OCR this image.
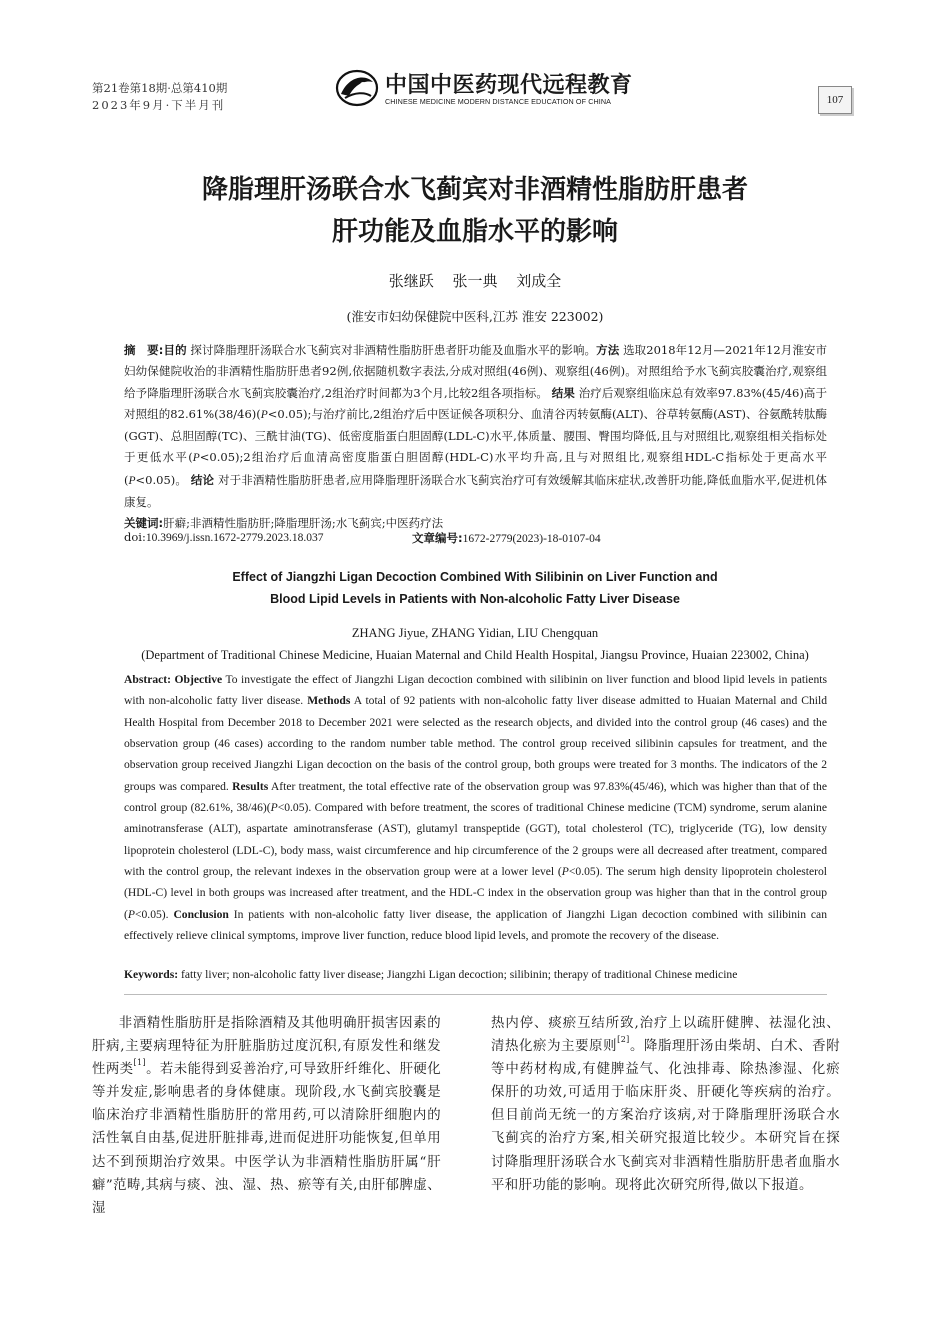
第21卷第18期·总第410期
2023年9月·下半月刊
中国中医药现代远程教育
CHINESE MEDICINE MODERN DISTANCE EDUCATION OF CHINA	107
降脂理肝汤联合水飞蓟宾对非酒精性脂肪肝患者
肝功能及血脂水平的影响
张继跃 张一典 刘成全
(淮安市妇幼保健院中医科,江苏 淮安 223002)
摘　要:目的 探讨降脂理肝汤联合水飞蓟宾对非酒精性脂肪肝患者肝功能及血脂水平的影响。方法 选取2018年12月—2021年12月淮安市妇幼保健院收治的非酒精性脂肪肝患者92例,依据随机数字表法,分成对照组(46例)、观察组(46例)。对照组给予水飞蓟宾胶囊治疗,观察组给予降脂理肝汤联合水飞蓟宾胶囊治疗,2组治疗时间都为3个月,比较2组各项指标。 结果 治疗后观察组临床总有效率97.83%(45/46)高于对照组的82.61%(38/46)(P<0.05);与治疗前比,2组治疗后中医证候各项积分、血清谷丙转氨酶(ALT)、谷草转氨酶(AST)、谷氨酰转肽酶(GGT)、总胆固醇(TC)、三酰甘油(TG)、低密度脂蛋白胆固醇(LDL-C)水平,体质量、腰围、臀围均降低,且与对照组比,观察组相关指标处于更低水平(P<0.05);2组治疗后血清高密度脂蛋白胆固醇(HDL-C)水平均升高,且与对照组比,观察组HDL-C指标处于更高水平(P<0.05)。 结论 对于非酒精性脂肪肝患者,应用降脂理肝汤联合水飞蓟宾治疗可有效缓解其临床症状,改善肝功能,降低血脂水平,促进机体康复。
关键词:肝癖;非酒精性脂肪肝;降脂理肝汤;水飞蓟宾;中医药疗法
doi:10.3969/j.issn.1672-2779.2023.18.037	文章编号:1672-2779(2023)-18-0107-04
Effect of Jiangzhi Ligan Decoction Combined With Silibinin on Liver Function and
Blood Lipid Levels in Patients with Non-alcoholic Fatty Liver Disease
ZHANG Jiyue, ZHANG Yidian, LIU Chengquan
(Department of Traditional Chinese Medicine, Huaian Maternal and Child Health Hospital, Jiangsu Province, Huaian 223002, China)
Abstract: Objective To investigate the effect of Jiangzhi Ligan decoction combined with silibinin on liver function and blood lipid levels in patients with non-alcoholic fatty liver disease. Methods A total of 92 patients with non-alcoholic fatty liver disease admitted to Huaian Maternal and Child Health Hospital from December 2018 to December 2021 were selected as the research objects, and divided into the control group (46 cases) and the observation group (46 cases) according to the random number table method. The control group received silibinin capsules for treatment, and the observation group received Jiangzhi Ligan decoction on the basis of the control group, both groups were treated for 3 months. The indicators of the 2 groups was compared. Results After treatment, the total effective rate of the observation group was 97.83%(45/46), which was higher than that of the control group (82.61%, 38/46)(P<0.05). Compared with before treatment, the scores of traditional Chinese medicine (TCM) syndrome, serum alanine aminotransferase (ALT), aspartate aminotransferase (AST), glutamyl transpeptide (GGT), total cholesterol (TC), triglyceride (TG), low density lipoprotein cholesterol (LDL-C), body mass, waist circumference and hip circumference of the 2 groups were all decreased after treatment, compared with the control group, the relevant indexes in the observation group were at a lower level (P<0.05). The serum high density lipoprotein cholesterol (HDL-C) level in both groups was increased after treatment, and the HDL-C index in the observation group was higher than that in the control group (P<0.05). Conclusion In patients with non-alcoholic fatty liver disease, the application of Jiangzhi Ligan decoction combined with silibinin can effectively relieve clinical symptoms, improve liver function, reduce blood lipid levels, and promote the recovery of the disease.
Keywords: fatty liver; non-alcoholic fatty liver disease; Jiangzhi Ligan decoction; silibinin; therapy of traditional Chinese medicine
非酒精性脂肪肝是指除酒精及其他明确肝损害因素的肝病,主要病理特征为肝脏脂肪过度沉积,有原发性和继发性两类[1]。若未能得到妥善治疗,可导致肝纤维化、肝硬化等并发症,影响患者的身体健康。现阶段,水飞蓟宾胶囊是临床治疗非酒精性脂肪肝的常用药,可以清除肝细胞内的活性氧自由基,促进肝脏排毒,进而促进肝功能恢复,但单用达不到预期治疗效果。中医学认为非酒精性脂肪肝属“肝癖”范畴,其病与痰、浊、湿、热、瘀等有关,由肝郁脾虚、湿
热内停、痰瘀互结所致,治疗上以疏肝健脾、祛湿化浊、清热化瘀为主要原则[2]。降脂理肝汤由柴胡、白术、香附等中药材构成,有健脾益气、化浊排毒、除热渗湿、化瘀保肝的功效,可适用于临床肝炎、肝硬化等疾病的治疗。但目前尚无统一的方案治疗该病,对于降脂理肝汤联合水飞蓟宾的治疗方案,相关研究报道比较少。本研究旨在探讨降脂理肝汤联合水飞蓟宾对非酒精性脂肪肝患者血脂水平和肝功能的影响。现将此次研究所得,做以下报道。
